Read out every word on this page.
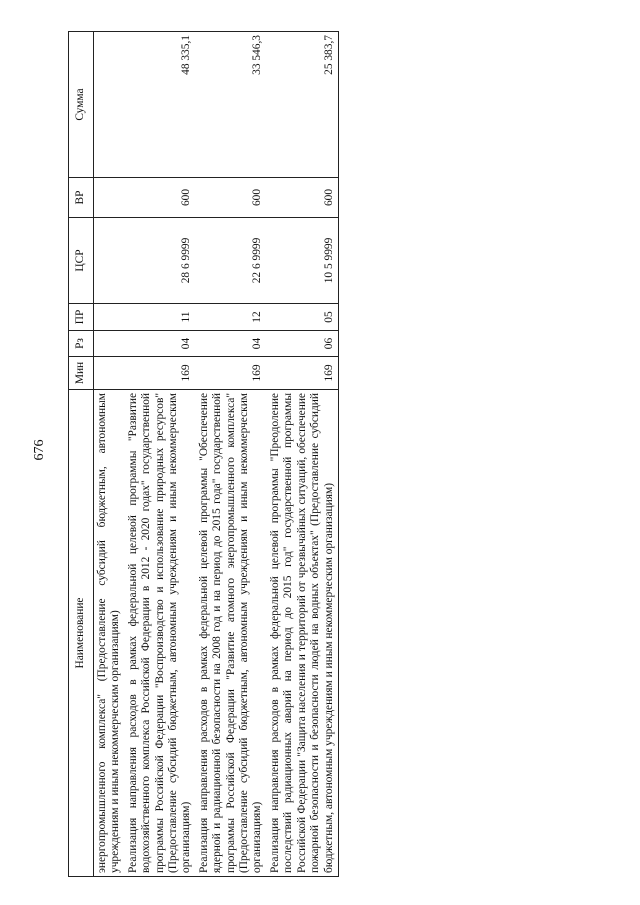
676
Наименование	Мин	Рз	ПР	ЦСР	ВР	Сумма
энергопромышленного комплекса" (Предоставление субсидий бюджетным, автономным учреждениям и иным некоммерческим организациям)						
Реализация направления расходов в рамках федеральной целевой программы "Развитие водохозяйственного комплекса Российской Федерации в 2012 - 2020 годах" государственной программы Российской Федерации "Воспроизводство и использование природных ресурсов" (Предоставление субсидий бюджетным, автономным учреждениям и иным некоммерческим организациям)	169	04	11	28 6 9999	600	48 335,1
Реализация направления расходов в рамках федеральной целевой программы "Обеспечение ядерной и радиационной безопасности на 2008 год и на период до 2015 года" государственной программы Российской Федерации "Развитие атомного энергопромышленного комплекса" (Предоставление субсидий бюджетным, автономным учреждениям и иным некоммерческим организациям)	169	04	12	22 6 9999	600	33 546,3
Реализация направления расходов в рамках федеральной целевой программы "Преодоление последствий радиационных аварий на период до 2015 год" государственной программы Российской Федерации "Защита населения и территорий от чрезвычайных ситуаций, обеспечение пожарной безопасности и безопасности людей на водных объектах" (Предоставление субсидий бюджетным, автономным учреждениям и иным некоммерческим организациям)	169	06	05	10 5 9999	600	25 383,7
